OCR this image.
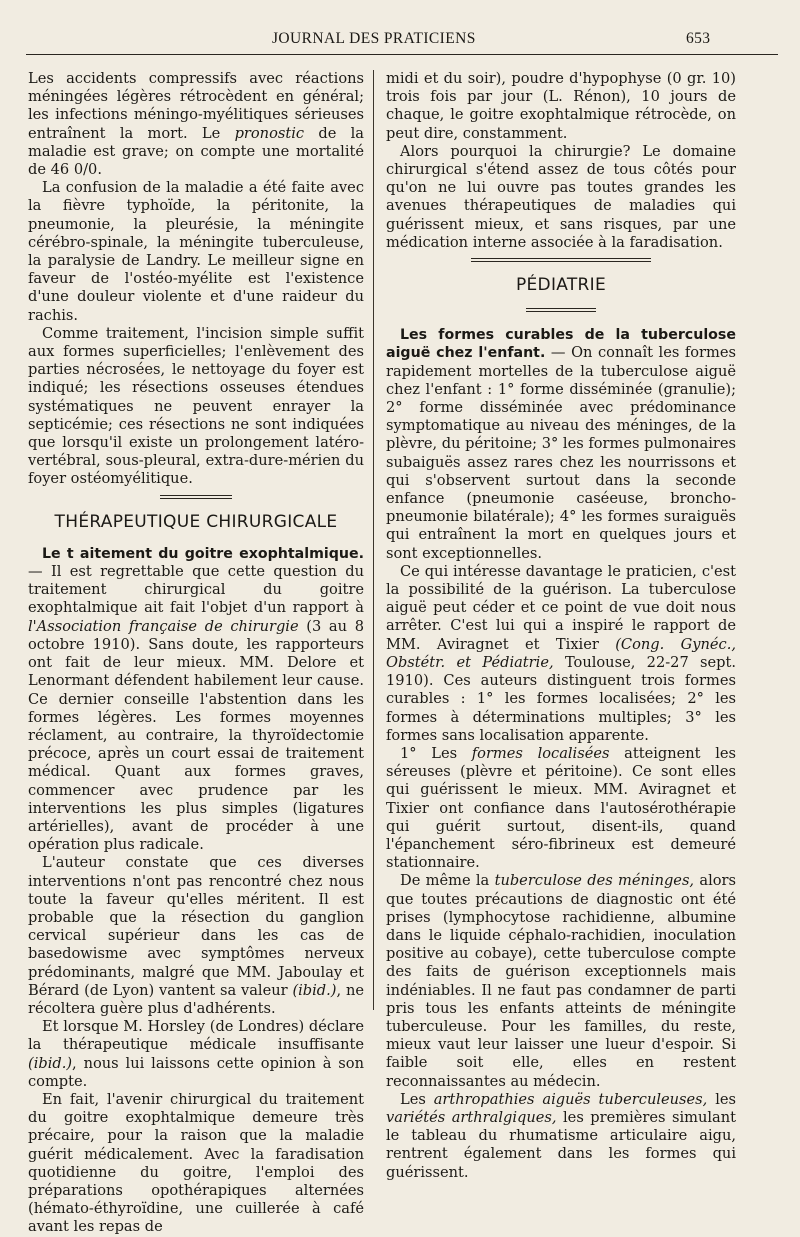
JOURNAL DES PRATICIENS	653

Les accidents compressifs avec réactions méningées légères rétrocèdent en général; les infections méningo-myélitiques sérieuses entraînent la mort. Le pronostic de la maladie est grave; on compte une mortalité de 46 0/0.

La confusion de la maladie a été faite avec la fièvre typhoïde, la péritonite, la pneumonie, la pleurésie, la méningite cérébro-spinale, la méningite tuberculeuse, la paralysie de Landry. Le meilleur signe en faveur de l'ostéo-myélite est l'existence d'une douleur violente et d'une raideur du rachis.

Comme traitement, l'incision simple suffit aux formes superficielles; l'enlèvement des parties nécrosées, le nettoyage du foyer est indiqué; les résections osseuses étendues systématiques ne peuvent enrayer la septicémie; ces résections ne sont indiquées que lorsqu'il existe un prolongement latéro-vertébral, sous-pleural, extra-dure-mérien du foyer ostéomyélitique.

THÉRAPEUTIQUE CHIRURGICALE

Le t aitement du goitre exophtalmique.— Il est regrettable que cette question du traitement chirurgical du goitre exophtalmique ait fait l'objet d'un rapport à l'Association française de chirurgie (3 au 8 octobre 1910). Sans doute, les rapporteurs ont fait de leur mieux. MM. Delore et Lenormant défendent habilement leur cause. Ce dernier conseille l'abstention dans les formes légères. Les formes moyennes réclament, au contraire, la thyroïdectomie précoce, après un court essai de traitement médical. Quant aux formes graves, commencer avec prudence par les interventions les plus simples (ligatures artérielles), avant de procéder à une opération plus radicale.

L'auteur constate que ces diverses interventions n'ont pas rencontré chez nous toute la faveur qu'elles méritent. Il est probable que la résection du ganglion cervical supérieur dans les cas de basedowisme avec symptômes nerveux prédominants, malgré que MM. Jaboulay et Bérard (de Lyon) vantent sa valeur (ibid.), ne récoltera guère plus d'adhérents.

Et lorsque M. Horsley (de Londres) déclare la thérapeutique médicale insuffisante (ibid.), nous lui laissons cette opinion à son compte.

En fait, l'avenir chirurgical du traitement du goitre exophtalmique demeure très précaire, pour la raison que la maladie guérit médicalement. Avec la faradisation quotidienne du goitre, l'emploi des préparations opothérapiques alternées (hémato-éthyroïdine, une cuillerée à café avant les repas de

midi et du soir), poudre d'hypophyse (0 gr. 10) trois fois par jour (L. Rénon), 10 jours de chaque, le goitre exophtalmique rétrocède, on peut dire, constamment.

Alors pourquoi la chirurgie? Le domaine chirurgical s'étend assez de tous côtés pour qu'on ne lui ouvre pas toutes grandes les avenues thérapeutiques de maladies qui guérissent mieux, et sans risques, par une médication interne associée à la faradisation.

PÉDIATRIE

Les formes curables de la tuberculose aiguë chez l'enfant. — On connaît les formes rapidement mortelles de la tuberculose aiguë chez l'enfant : 1° forme disséminée (granulie); 2° forme disséminée avec prédominance symptomatique au niveau des méninges, de la plèvre, du péritoine; 3° les formes pulmonaires subaiguës assez rares chez les nourrissons et qui s'observent surtout dans la seconde enfance (pneumonie caséeuse, broncho-pneumonie bilatérale); 4° les formes suraiguës qui entraînent la mort en quelques jours et sont exceptionnelles.

Ce qui intéresse davantage le praticien, c'est la possibilité de la guérison. La tuberculose aiguë peut céder et ce point de vue doit nous arrêter. C'est lui qui a inspiré le rapport de MM. Aviragnet et Tixier (Cong. Gynéc., Obstétr. et Pédiatrie, Toulouse, 22-27 sept. 1910). Ces auteurs distinguent trois formes curables : 1° les formes localisées; 2° les formes à déterminations multiples; 3° les formes sans localisation apparente.

1° Les formes localisées atteignent les séreuses (plèvre et péritoine). Ce sont elles qui guérissent le mieux. MM. Aviragnet et Tixier ont confiance dans l'autosérothérapie qui guérit surtout, disent-ils, quand l'épanchement séro-fibrineux est demeuré stationnaire.

De même la tuberculose des méninges, alors que toutes précautions de diagnostic ont été prises (lymphocytose rachidienne, albumine dans le liquide céphalo-rachidien, inoculation positive au cobaye), cette tuberculose compte des faits de guérison exceptionnels mais indéniables. Il ne faut pas condamner de parti pris tous les enfants atteints de méningite tuberculeuse. Pour les familles, du reste, mieux vaut leur laisser une lueur d'espoir. Si faible soit elle, elles en restent reconnaissantes au médecin.

Les arthropathies aiguës tuberculeuses, les variétés arthralgiques, les premières simulant le tableau du rhumatisme articulaire aigu, rentrent également dans les formes qui guérissent.
